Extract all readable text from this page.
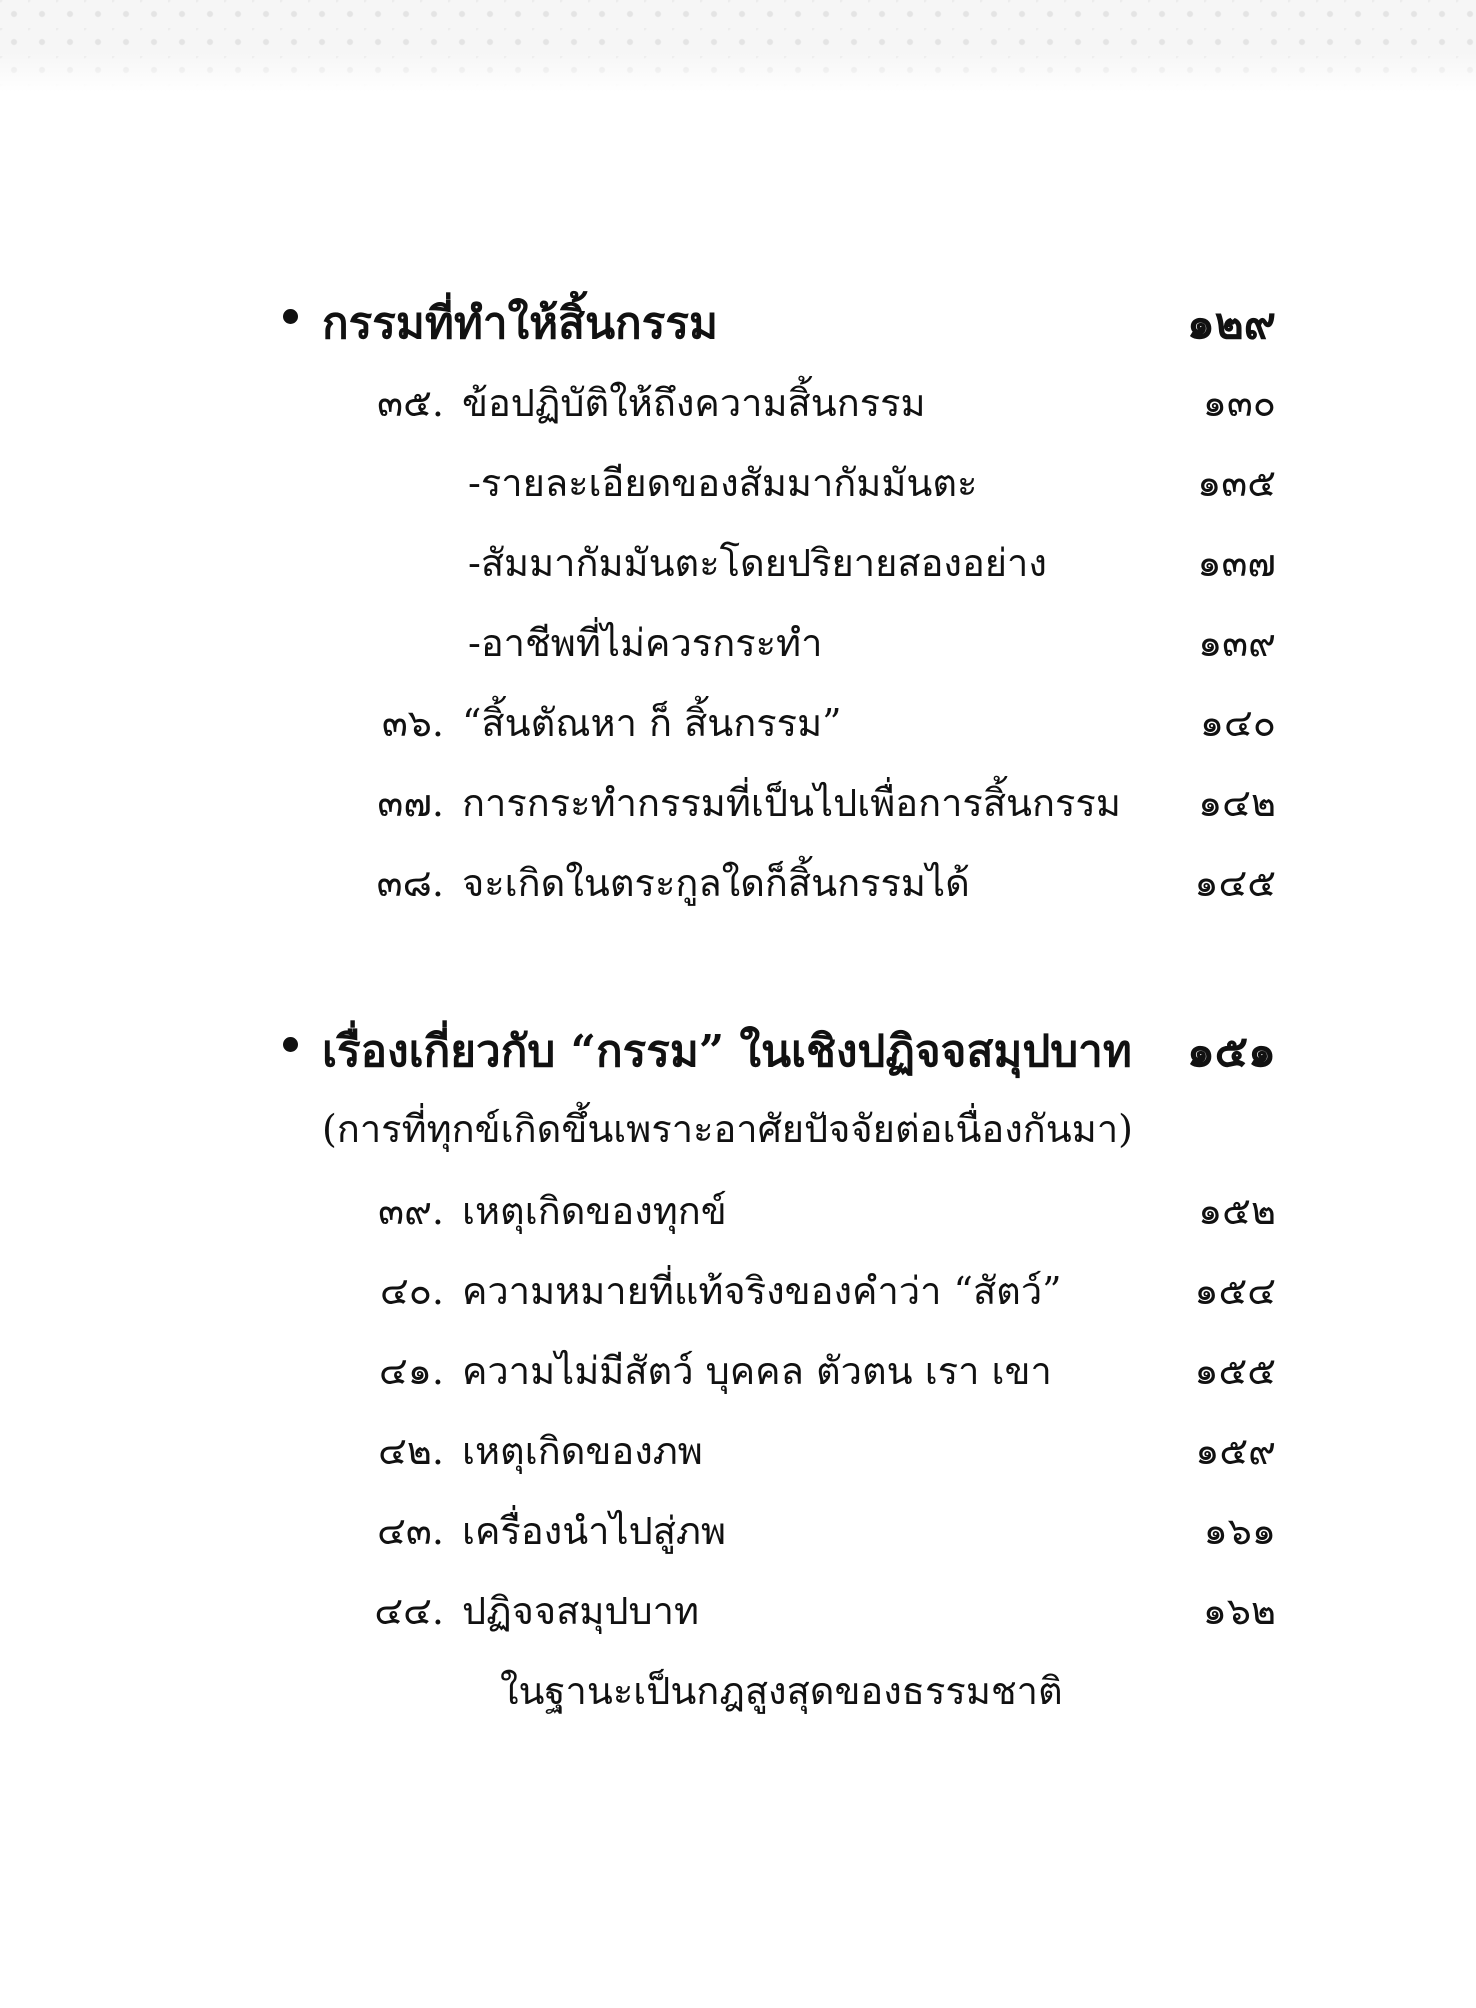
กรรมที่ทำให้สิ้นกรรม	๑๒๙
๓๕. ข้อปฏิบัติให้ถึงความสิ้นกรรม	๑๓๐
-รายละเอียดของสัมมากัมมันตะ	๑๓๕
-สัมมากัมมันตะโดยปริยายสองอย่าง	๑๓๗
-อาชีพที่ไม่ควรกระทำ	๑๓๙
๓๖. “สิ้นตัณหา ก็ สิ้นกรรม”	๑๔๐
๓๗. การกระทำกรรมที่เป็นไปเพื่อการสิ้นกรรม ๑๔๒
๓๘. จะเกิดในตระกูลใดก็สิ้นกรรมได้	๑๔๕
เรื่องเกี่ยวกับ “กรรม” ในเชิงปฏิจจสมุปบาท ๑๕๑
(การที่ทุกข์เกิดขึ้นเพราะอาศัยปัจจัยต่อเนื่องกันมา)
๓๙. เหตุเกิดของทุกข์	๑๕๒
๔๐. ความหมายที่แท้จริงของคำว่า “สัตว์”	๑๕๔
๔๑. ความไม่มีสัตว์ บุคคล ตัวตน เรา เขา	๑๕๕
๔๒. เหตุเกิดของภพ	๑๕๙
๔๓. เครื่องนำไปสู่ภพ	๑๖๑
๔๔. ปฏิจจสมุปบาท	๑๖๒
ในฐานะเป็นกฎสูงสุดของธรรมชาติ
